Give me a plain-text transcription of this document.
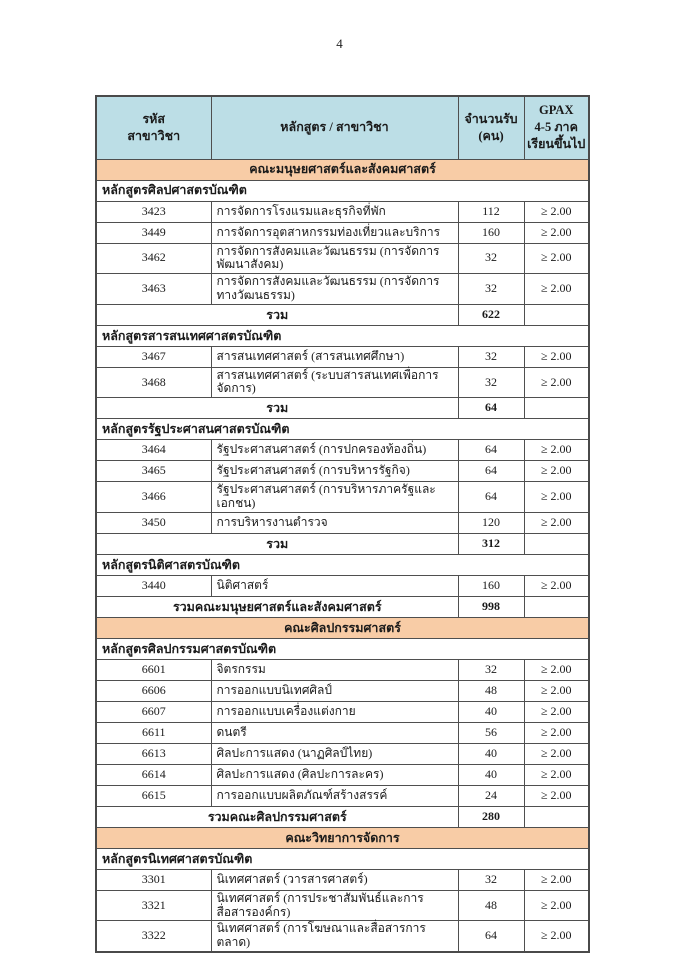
4
รหัส
สาขาวิชา

หลักสูตร / สาขาวิชา

จำนวนรับ
(คน)

GPAX
4-5 ภาค
เรียนขึ้นไป

คณะมนุษยศาสตร์และสังคมศาสตร์			
หลักสูตรศิลปศาสตรบัณฑิต			
3423	การจัดการโรงแรมและธุรกิจที่พัก	112	≥ 2.00
3449	การจัดการอุตสาหกรรมท่องเที่ยวและบริการ	160	≥ 2.00
3462	การจัดการสังคมและวัฒนธรรม (การจัดการพัฒนาสังคม)	32	≥ 2.00
3463	การจัดการสังคมและวัฒนธรรม (การจัดการทางวัฒนธรรม)	32	≥ 2.00
รวม		622	
หลักสูตรสารสนเทศศาสตรบัณฑิต			
3467	สารสนเทศศาสตร์ (สารสนเทศศึกษา)	32	≥ 2.00
3468	สารสนเทศศาสตร์ (ระบบสารสนเทศเพื่อการจัดการ)	32	≥ 2.00
รวม		64	
หลักสูตรรัฐประศาสนศาสตรบัณฑิต			
3464	รัฐประศาสนศาสตร์ (การปกครองท้องถิ่น)	64	≥ 2.00
3465	รัฐประศาสนศาสตร์ (การบริหารรัฐกิจ)	64	≥ 2.00
3466	รัฐประศาสนศาสตร์ (การบริหารภาครัฐและเอกชน)	64	≥ 2.00
3450	การบริหารงานตำรวจ	120	≥ 2.00
รวม		312	
หลักสูตรนิติศาสตรบัณฑิต			
3440	นิติศาสตร์	160	≥ 2.00
รวมคณะมนุษยศาสตร์และสังคมศาสตร์		998	
คณะศิลปกรรมศาสตร์			
หลักสูตรศิลปกรรมศาสตรบัณฑิต			
6601	จิตรกรรม	32	≥ 2.00
6606	การออกแบบนิเทศศิลป์	48	≥ 2.00
6607	การออกแบบเครื่องแต่งกาย	40	≥ 2.00
6611	ดนตรี	56	≥ 2.00
6613	ศิลปะการแสดง (นาฏศิลป์ไทย)	40	≥ 2.00
6614	ศิลปะการแสดง (ศิลปะการละคร)	40	≥ 2.00
6615	การออกแบบผลิตภัณฑ์สร้างสรรค์	24	≥ 2.00
รวมคณะศิลปกรรมศาสตร์		280	
คณะวิทยาการจัดการ			
หลักสูตรนิเทศศาสตรบัณฑิต			
3301	นิเทศศาสตร์ (วารสารศาสตร์)	32	≥ 2.00
3321	นิเทศศาสตร์ (การประชาสัมพันธ์และการสื่อสารองค์กร)	48	≥ 2.00
3322	นิเทศศาสตร์ (การโฆษณาและสื่อสารการตลาด)	64	≥ 2.00
